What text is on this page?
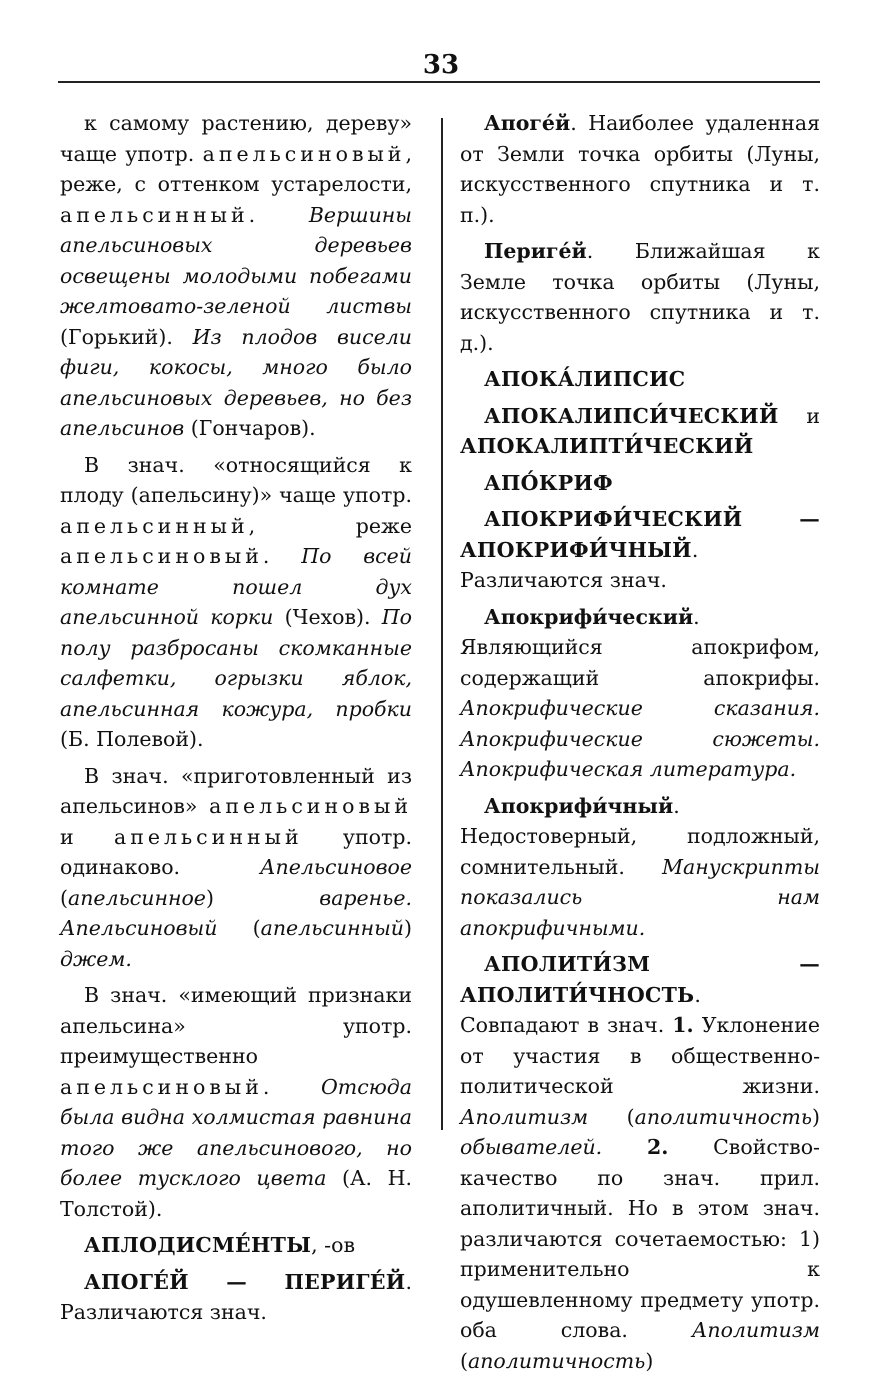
33

к самому растению, дереву» чаще употр. апельсиновый, реже, с оттенком устарелости, апельсинный. Вершины апельсиновых деревьев освещены молодыми побегами желтовато-зеленой листвы (Горький). Из плодов висели фиги, кокосы, много было апельсиновых деревьев, но без апельсинов (Гончаров).

В знач. «относящийся к плоду (апельсину)» чаще употр. апельсинный, реже апельсиновый. По всей комнате пошел дух апельсинной корки (Чехов). По полу разбросаны скомканные салфетки, огрызки яблок, апельсинная кожура, пробки (Б. Полевой).

В знач. «приготовленный из апельсинов» апельсиновый и апельсинный употр. одинаково. Апельсиновое (апельсинное) варенье. Апельсиновый (апельсинный) джем.

В знач. «имеющий признаки апельсина» употр. преимущественно апельсиновый. Отсюда была видна холмистая равнина того же апельсинового, но более тусклого цвета (А. Н. Толстой).

АПЛОДИСМЕ́НТЫ, -ов

АПОГЕ́Й — ПЕРИГЕ́Й. Различаются знач.

Апоге́й. Наиболее удаленная от Земли точка орбиты (Луны, искусственного спутника и т. п.).

Периге́й. Ближайшая к Земле точка орбиты (Луны, искусственного спутника и т. д.).

АПОКА́ЛИПСИС

АПОКАЛИПСИ́ЧЕСКИЙ и АПОКАЛИПТИ́ЧЕСКИЙ

АПО́КРИФ

АПОКРИФИ́ЧЕСКИЙ — АПОКРИФИ́ЧНЫЙ. Различаются знач.

Апокрифи́ческий. Являющийся апокрифом, содержащий апокрифы. Апокрифические сказания. Апокрифические сюжеты. Апокрифическая литература.

Апокрифи́чный. Недостоверный, подложный, сомнительный. Манускрипты показались нам апокрифичными.

АПОЛИТИ́ЗМ — АПОЛИТИ́ЧНОСТЬ. Совпадают в знач. 1. Уклонение от участия в общественно-политической жизни. Аполитизм (аполитичность) обывателей. 2. Свойство-качество по знач. прил. аполитичный. Но в этом знач. различаются сочетаемостью: 1) применительно к одушевленному предмету употр. оба слова. Аполитизм (аполитичность)
